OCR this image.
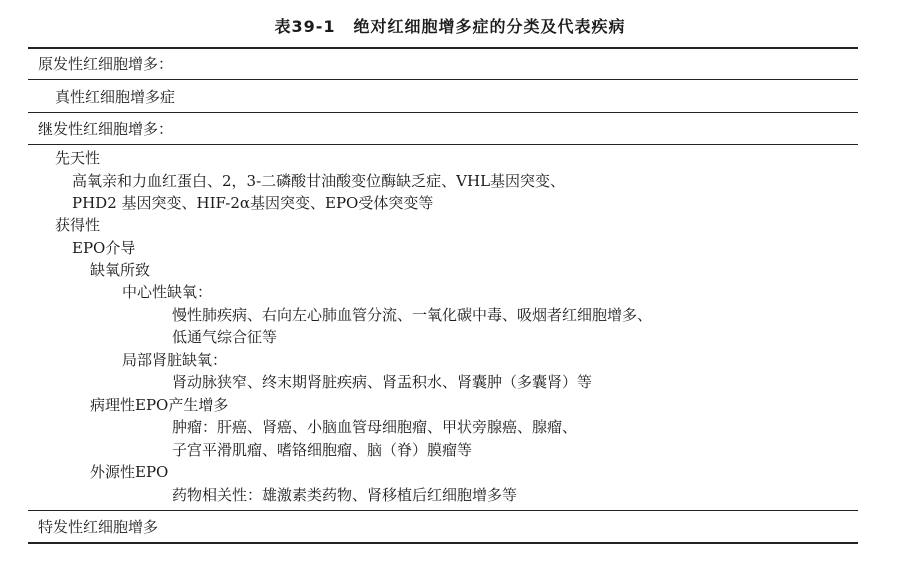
表39-1 绝对红细胞增多症的分类及代表疾病
原发性红细胞增多：
真性红细胞增多症
继发性红细胞增多：
先天性
高氧亲和力血红蛋白、2，3-二磷酸甘油酸变位酶缺乏症、VHL基因突变、
PHD2 基因突变、HIF-2α基因突变、EPO受体突变等
获得性
EPO介导
缺氧所致
中心性缺氧：
慢性肺疾病、右向左心肺血管分流、一氧化碳中毒、吸烟者红细胞增多、
低通气综合征等
局部肾脏缺氧：
肾动脉狭窄、终末期肾脏疾病、肾盂积水、肾囊肿（多囊肾）等
病理性EPO产生增多
肿瘤：肝癌、肾癌、小脑血管母细胞瘤、甲状旁腺癌、腺瘤、
子宫平滑肌瘤、嗜铬细胞瘤、脑（脊）膜瘤等
外源性EPO
药物相关性：雄激素类药物、肾移植后红细胞增多等
特发性红细胞增多
